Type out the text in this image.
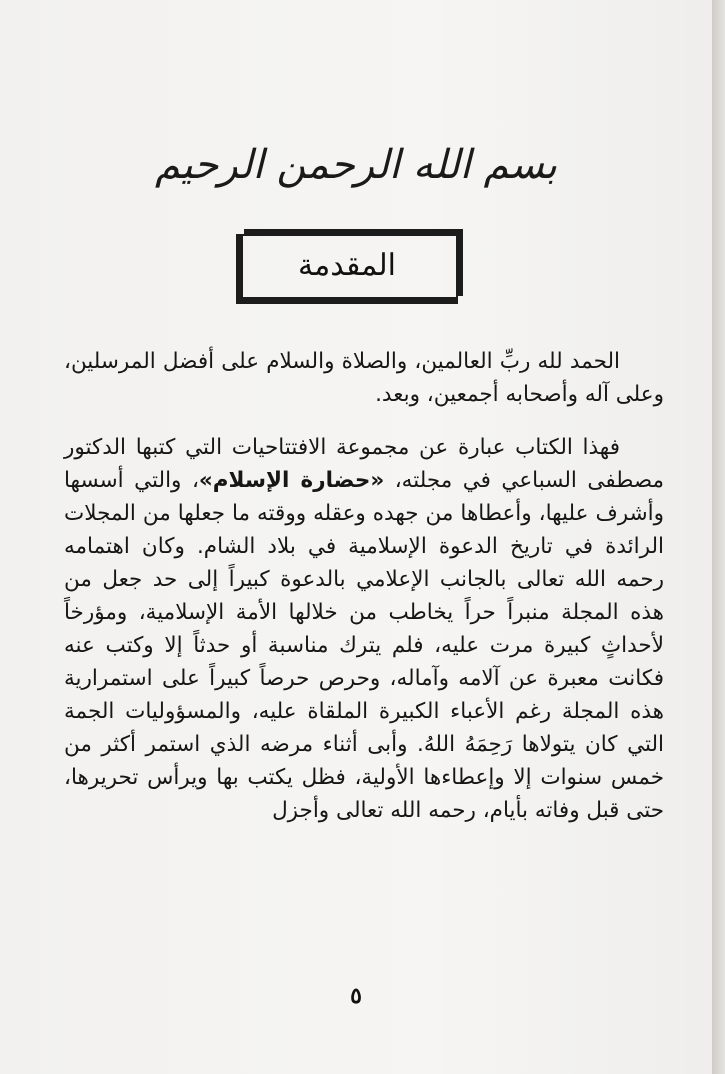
بسم الله الرحمن الرحيم
المقدمة

الحمد لله ربِّ العالمين، والصلاة والسلام على أفضل المرسلين، وعلى آله وأصحابه أجمعين، وبعد.

فهذا الكتاب عبارة عن مجموعة الافتتاحيات التي كتبها الدكتور مصطفى السباعي في مجلته، «حضارة الإسلام»، والتي أسسها وأشرف عليها، وأعطاها من جهده وعقله ووقته ما جعلها من المجلات الرائدة في تاريخ الدعوة الإسلامية في بلاد الشام. وكان اهتمامه رحمه الله تعالى بالجانب الإعلامي بالدعوة كبيراً إلى حد جعل من هذه المجلة منبراً حراً يخاطب من خلالها الأمة الإسلامية، ومؤرخاً لأحداثٍ كبيرة مرت عليه، فلم يترك مناسبة أو حدثاً إلا وكتب عنه فكانت معبرة عن آلامه وآماله، وحرص حرصاً كبيراً على استمرارية هذه المجلة رغم الأعباء الكبيرة الملقاة عليه، والمسؤوليات الجمة التي كان يتولاها رَحِمَهُ اللهُ. وأبى أثناء مرضه الذي استمر أكثر من خمس سنوات إلا وإعطاءها الأولية، فظل يكتب بها ويرأس تحريرها، حتى قبل وفاته بأيام، رحمه الله تعالى وأجزل

٥
